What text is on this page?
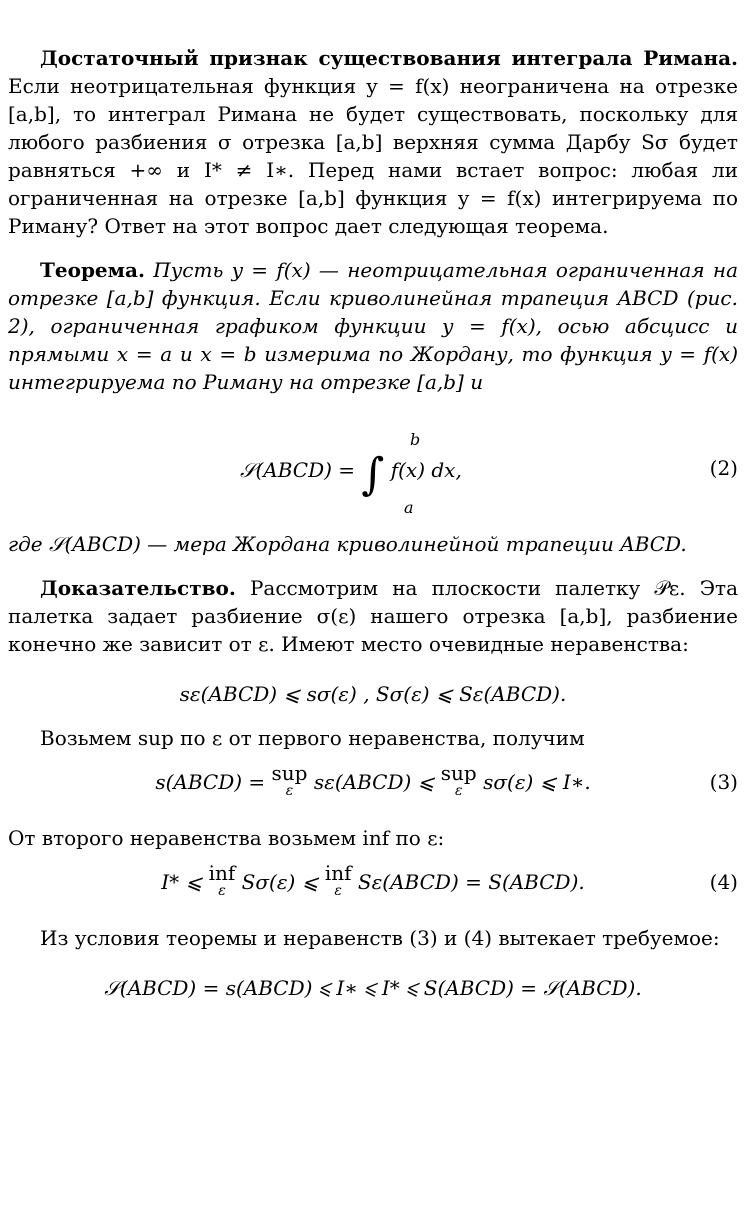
Достаточный признак существования интеграла Римана. Если неотрицательная функция y = f(x) неограничена на отрезке [a,b], то интеграл Римана не будет существовать, поскольку для любого разбиения σ отрезка [a,b] верхняя сумма Дарбу Sσ будет равняться +∞ и I* ≠ I∗. Перед нами встает вопрос: любая ли ограниченная на отрезке [a,b] функция y = f(x) интегрируема по Риману? Ответ на этот вопрос дает следующая теорема.

Теорема. Пусть y = f(x) — неотрицательная ограниченная на отрезке [a,b] функция. Если криволинейная трапеция ABCD (рис. 2), ограниченная графиком функции y = f(x), осью абсцисс и прямыми x = a и x = b измерима по Жордану, то функция y = f(x) интегрируема по Риману на отрезке [a,b] и

𝒮(ABCD) = ∫ f(x) dx,
b
a
(2)

где 𝒮(ABCD) — мера Жордана криволинейной трапеции ABCD.

Доказательство. Рассмотрим на плоскости палетку 𝒫ε. Эта палетка задает разбиение σ(ε) нашего отрезка [a,b], разбиение конечно же зависит от ε. Имеют место очевидные неравенства:

sε(ABCD) ⩽ sσ(ε) , Sσ(ε) ⩽ Sε(ABCD).

Возьмем sup по ε от первого неравенства, получим

s(ABCD) = sup
ε	sε(ABCD) ⩽ sup
ε	sσ(ε) ⩽ I∗.	(3)

От второго неравенства возьмем inf по ε:

I* ⩽ inf
ε Sσ(ε) ⩽ inf
ε Sε(ABCD) = S(ABCD).	(4)

Из условия теоремы и неравенств (3) и (4) вытекает требуемое:

𝒮(ABCD) = s(ABCD) ⩽ I∗ ⩽ I* ⩽ S(ABCD) = 𝒮(ABCD).
